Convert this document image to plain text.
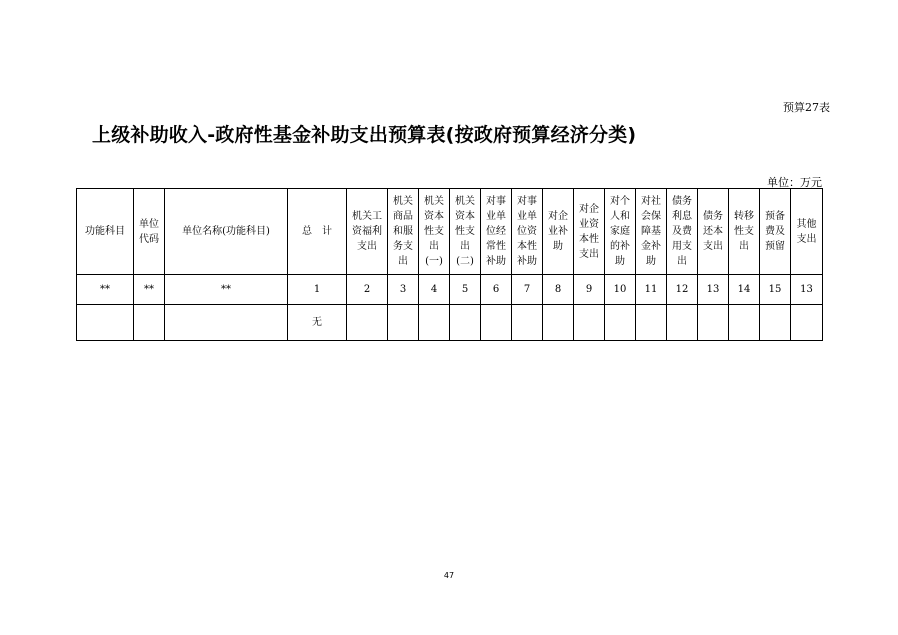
预算27表
上级补助收入-政府性基金补助支出预算表(按政府预算经济分类)
单位：万元
功能科目	单位代码	单位名称(功能科目)	总　计	机关工资福利支出	机关商品和服务支出	机关资本性支出(一)	机关资本性支出(二)	对事业单位经常性补助	对事业单位资本性补助	对企业补助	对企业资本性支出	对个人和家庭的补助	对社会保障基金补助	债务利息及费用支出	债务还本支出	转移性支出	预备费及预留	其他支出
**	**	**	1	2	3	4	5	6	7	8	9	10	11	12	13	14	15	13
			无															
47
